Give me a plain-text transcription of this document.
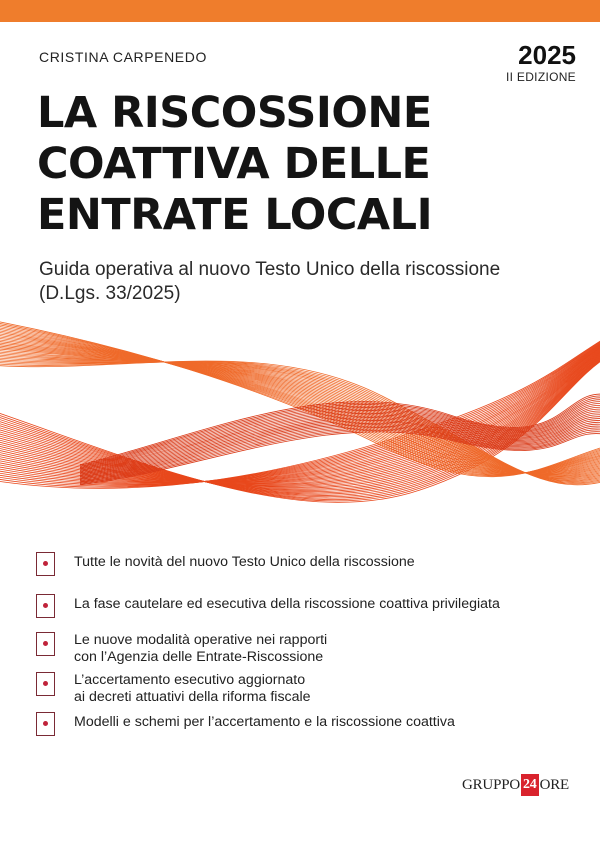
CRISTINA CARPENEDO	2025
II EDIZIONE
LA RISCOSSIONE
COATTIVA DELLE
ENTRATE LOCALI
Guida operativa al nuovo Testo Unico della riscossione
(D.Lgs. 33/2025)
Tutte le novità del nuovo Testo Unico della riscossione
La fase cautelare ed esecutiva della riscossione coattiva privilegiata
Le nuove modalità operative nei rapporti
con l’Agenzia delle Entrate-Riscossione
L’accertamento esecutivo aggiornato
ai decreti attuativi della riforma fiscale
Modelli e schemi per l’accertamento e la riscossione coattiva
GRUPPO 24 ORE
